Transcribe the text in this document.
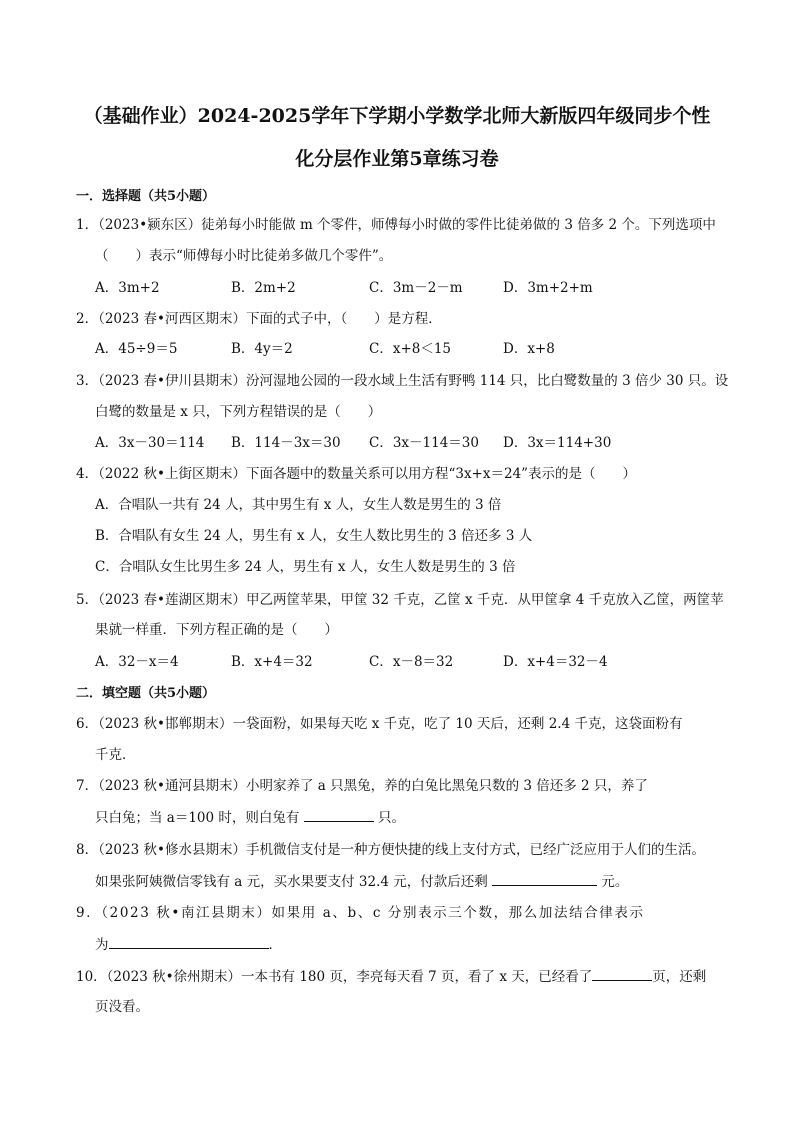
（基础作业）2024-2025学年下学期小学数学北师大新版四年级同步个性
化分层作业第5章练习卷
一．选择题（共5小题）
1．（2023•颍东区）徒弟每小时能做 m 个零件，师傅每小时做的零件比徒弟做的 3 倍多 2 个。下列选项中
（　　）表示“师傅每小时比徒弟多做几个零件”。
A．3m+2	B．2m+2	C．3m－2－m	D．3m+2+m
2．（2023 春•河西区期末）下面的式子中，（　　）是方程．
A．45÷9＝5	B．4y＝2	C．x+8＜15	D．x+8
3．（2023 春•伊川县期末）汾河湿地公园的一段水域上生活有野鸭 114 只，比白鹭数量的 3 倍少 30 只。设
白鹭的数量是 x 只，下列方程错误的是（　　）
A．3x－30＝114 B．114－3x＝30 C．3x－114＝30 D．3x＝114+30
4．（2022 秋•上街区期末）下面各题中的数量关系可以用方程“3x+x＝24”表示的是（　　）
A．合唱队一共有 24 人，其中男生有 x 人，女生人数是男生的 3 倍
B．合唱队有女生 24 人，男生有 x 人，女生人数比男生的 3 倍还多 3 人
C．合唱队女生比男生多 24 人，男生有 x 人，女生人数是男生的 3 倍
5．（2023 春•莲湖区期末）甲乙两筐苹果，甲筐 32 千克，乙筐 x 千克．从甲筐拿 4 千克放入乙筐，两筐苹
果就一样重．下列方程正确的是（　　）
A．32－x＝4	B．x+4＝32	C．x－8＝32	D．x+4＝32－4
二．填空题（共5小题）
6．（2023 秋•邯郸期末）一袋面粉，如果每天吃 x 千克，吃了 10 天后，还剩 2.4 千克，这袋面粉有
千克．
7．（2023 秋•通河县期末）小明家养了 a 只黑兔，养的白兔比黑兔只数的 3 倍还多 2 只，养了
只白兔；当 a＝100 时，则白兔有	只。
8．（2023 秋•修水县期末）手机微信支付是一种方便快捷的线上支付方式，已经广泛应用于人们的生活。
如果张阿姨微信零钱有 a 元，买水果要支付 32.4 元，付款后还剩	元。
9．（2023 秋•南江县期末）如果用 a、b、c 分别表示三个数，那么加法结合律表示
为	．
10．（2023 秋•徐州期末）一本书有 180 页，李亮每天看 7 页，看了 x 天，已经看了	页，还剩
页没看。
